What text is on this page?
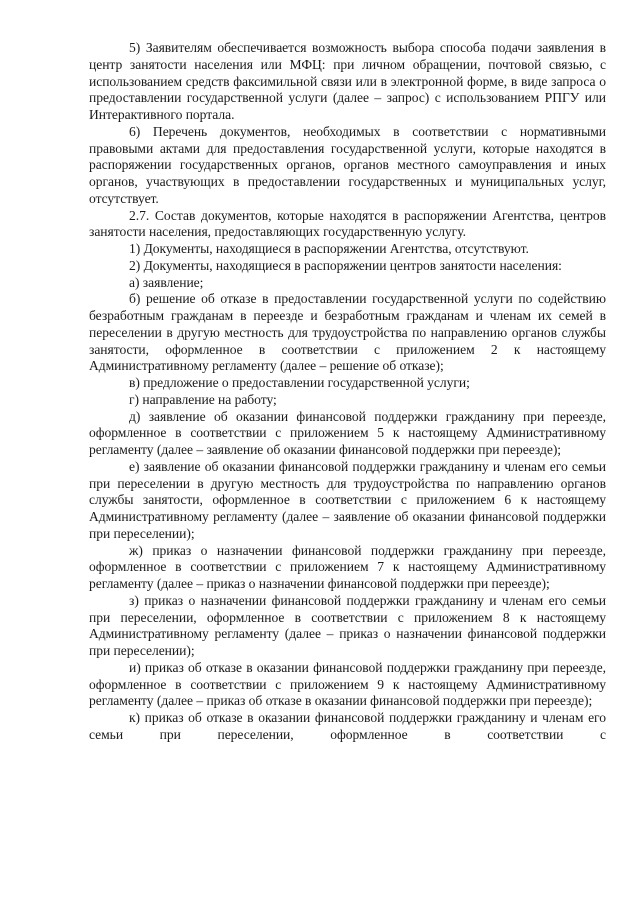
5) Заявителям обеспечивается возможность выбора способа подачи заявления в центр занятости населения или МФЦ: при личном обращении, почтовой связью, с использованием средств факсимильной связи или в электронной форме, в виде запроса о предоставлении государственной услуги (далее – запрос) с использованием РПГУ или Интерактивного портала.

6) Перечень документов, необходимых в соответствии с нормативными правовыми актами для предоставления государственной услуги, которые находятся в распоряжении государственных органов, органов местного самоуправления и иных органов, участвующих в предоставлении государственных и муниципальных услуг, отсутствует.

2.7. Состав документов, которые находятся в распоряжении Агентства, центров занятости населения, предоставляющих государственную услугу.

1) Документы, находящиеся в распоряжении Агентства, отсутствуют.

2) Документы, находящиеся в распоряжении центров занятости населения:

а) заявление;

б) решение об отказе в предоставлении государственной услуги по содействию безработным гражданам в переезде и безработным гражданам и членам их семей в переселении в другую местность для трудоустройства по направлению органов службы занятости, оформленное в соответствии с приложением 2 к настоящему Административному регламенту (далее – решение об отказе);

в) предложение о предоставлении государственной услуги;

г) направление на работу;

д) заявление об оказании финансовой поддержки гражданину при переезде, оформленное в соответствии с приложением 5 к настоящему Административному регламенту (далее – заявление об оказании финансовой поддержки при переезде);

е) заявление об оказании финансовой поддержки гражданину и членам его семьи при переселении в другую местность для трудоустройства по направлению органов службы занятости, оформленное в соответствии с приложением 6 к настоящему Административному регламенту (далее – заявление об оказании финансовой поддержки при переселении);

ж) приказ о назначении финансовой поддержки гражданину при переезде, оформленное в соответствии с приложением 7 к настоящему Административному регламенту (далее – приказ о назначении финансовой поддержки при переезде);

з) приказ о назначении финансовой поддержки гражданину и членам его семьи при переселении, оформленное в соответствии с приложением 8 к настоящему Административному регламенту (далее – приказ о назначении финансовой поддержки при переселении);

и) приказ об отказе в оказании финансовой поддержки гражданину при переезде, оформленное в соответствии с приложением 9 к настоящему Административному регламенту (далее – приказ об отказе в оказании финансовой поддержки при переезде);

к) приказ об отказе в оказании финансовой поддержки гражданину и членам его семьи при переселении, оформленное в соответствии с
